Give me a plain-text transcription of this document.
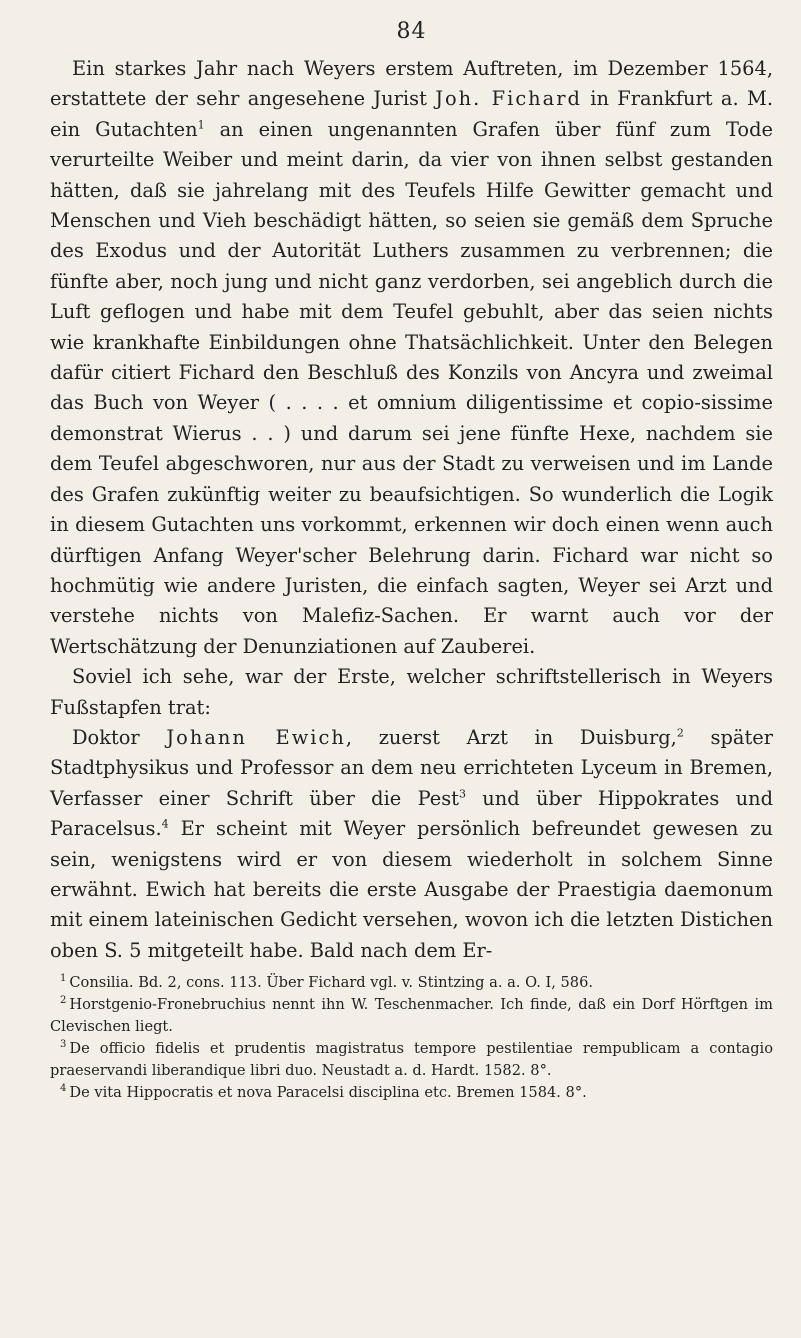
84

Ein starkes Jahr nach Weyers erstem Auftreten, im Dezember 1564, erstattete der sehr angesehene Jurist Joh. Fichard in Frankfurt a. M. ein Gutachten$^1$ an einen ungenannten Grafen über fünf zum Tode verurteilte Weiber und meint darin, da vier von ihnen selbst gestanden hätten, daß sie jahrelang mit des Teufels Hilfe Gewitter gemacht und Menschen und Vieh beschädigt hätten, so seien sie gemäß dem Spruche des Exodus und der Autorität Luthers zusammen zu verbrennen; die fünfte aber, noch jung und nicht ganz verdorben, sei angeblich durch die Luft geflogen und habe mit dem Teufel gebuhlt, aber das seien nichts wie krankhafte Einbildungen ohne Thatsächlichkeit. Unter den Belegen dafür citiert Fichard den Beschluß des Konzils von Ancyra und zweimal das Buch von Weyer ( . . . . et omnium diligentissime et copio-sissime demonstrat Wierus . . ) und darum sei jene fünfte Hexe, nachdem sie dem Teufel abgeschworen, nur aus der Stadt zu verweisen und im Lande des Grafen zukünftig weiter zu beaufsichtigen. So wunderlich die Logik in diesem Gutachten uns vorkommt, erkennen wir doch einen wenn auch dürftigen Anfang Weyer'scher Belehrung darin. Fichard war nicht so hochmütig wie andere Juristen, die einfach sagten, Weyer sei Arzt und verstehe nichts von Malefiz-Sachen. Er warnt auch vor der Wertschätzung der Denunziationen auf Zauberei.

Soviel ich sehe, war der Erste, welcher schriftstellerisch in Weyers Fußstapfen trat:

Doktor Johann Ewich, zuerst Arzt in Duisburg,$^2$ später Stadtphysikus und Professor an dem neu errichteten Lyceum in Bremen, Verfasser einer Schrift über die Pest$^3$ und über Hippokrates und Paracelsus.$^4$ Er scheint mit Weyer persönlich befreundet gewesen zu sein, wenigstens wird er von diesem wiederholt in solchem Sinne erwähnt. Ewich hat bereits die erste Ausgabe der Praestigia daemonum mit einem lateinischen Gedicht versehen, wovon ich die letzten Distichen oben S. 5 mitgeteilt habe. Bald nach dem Er-

$^1$ Consilia. Bd. 2, cons. 113. Über Fichard vgl. v. Stintzing a. a. O. I, 586.

$^2$ Horstgenio-Fronebruchius nennt ihn W. Teschenmacher. Ich finde, daß ein Dorf Hörftgen im Clevischen liegt.

$^3$ De officio fidelis et prudentis magistratus tempore pestilentiae rempublicam a contagio praeservandi liberandique libri duo. Neustadt a. d. Hardt. 1582. 8°.

$^4$ De vita Hippocratis et nova Paracelsi disciplina etc. Bremen 1584. 8°.
